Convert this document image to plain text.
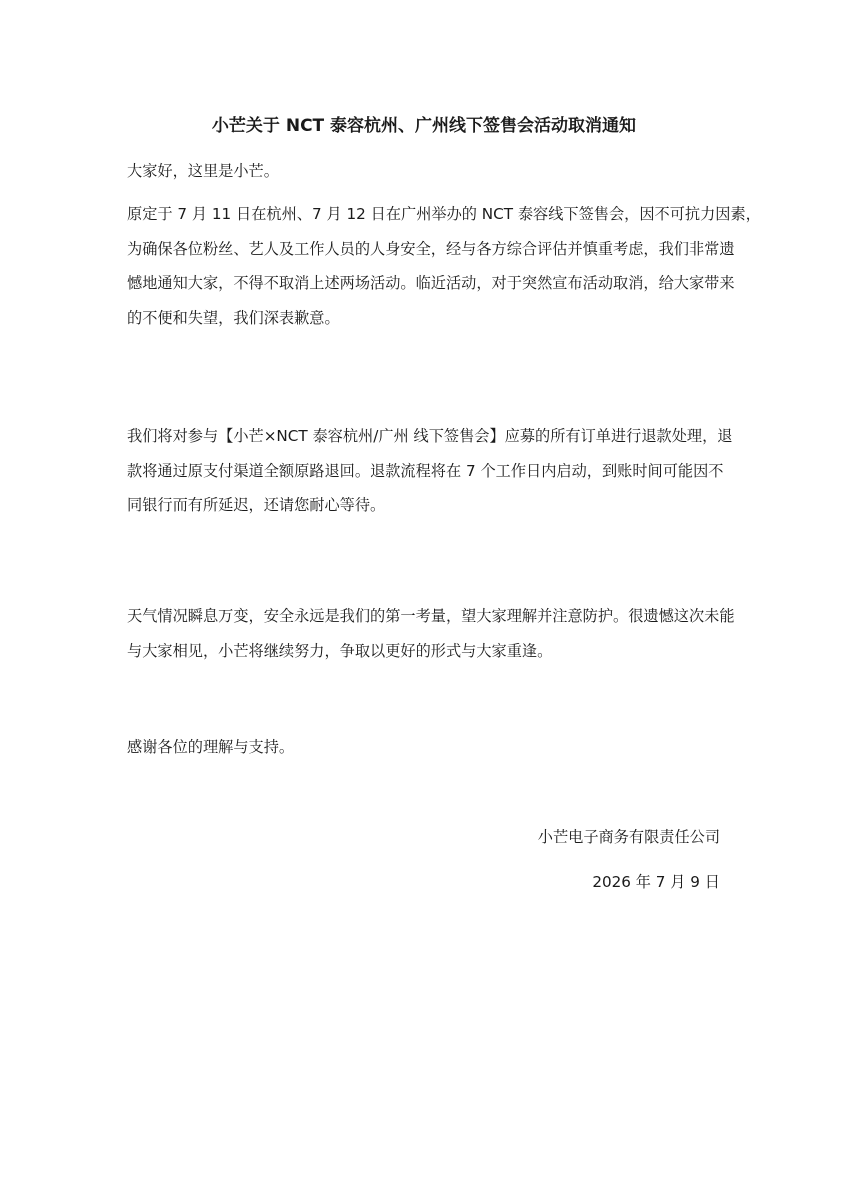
小芒关于 NCT 泰容杭州、广州线下签售会活动取消通知

大家好，这里是小芒。

原定于 7 月 11 日在杭州、7 月 12 日在广州举办的 NCT 泰容线下签售会，因不可抗力因素，
为确保各位粉丝、艺人及工作人员的人身安全，经与各方综合评估并慎重考虑，我们非常遗
憾地通知大家，不得不取消上述两场活动。临近活动，对于突然宣布活动取消，给大家带来
的不便和失望，我们深表歉意。

我们将对参与【小芒×NCT 泰容杭州/广州 线下签售会】应募的所有订单进行退款处理，退
款将通过原支付渠道全额原路退回。退款流程将在 7 个工作日内启动，到账时间可能因不
同银行而有所延迟，还请您耐心等待。

天气情况瞬息万变，安全永远是我们的第一考量，望大家理解并注意防护。很遗憾这次未能
与大家相见，小芒将继续努力，争取以更好的形式与大家重逢。

感谢各位的理解与支持。

小芒电子商务有限责任公司
2026 年 7 月 9 日
